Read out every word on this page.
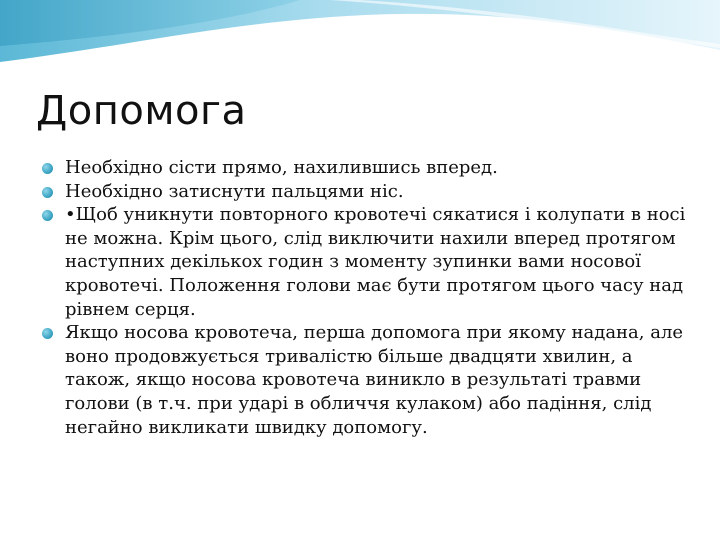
Допомога
Необхідно сісти прямо, нахилившись вперед.
Необхідно затиснути пальцями ніс.
•Щоб уникнути повторного кровотечі сякатися і колупати в носі не можна. Крім цього, слід виключити нахили вперед протягом наступних декількох годин з моменту зупинки вами носової кровотечі. Положення голови має бути протягом цього часу над рівнем серця.
Якщо носова кровотеча, перша допомога при якому надана, але воно продовжується тривалістю більше двадцяти хвилин, а також, якщо носова кровотеча виникло в результаті травми голови (в т.ч. при ударі в обличчя кулаком) або падіння, слід негайно викликати швидку допомогу.
